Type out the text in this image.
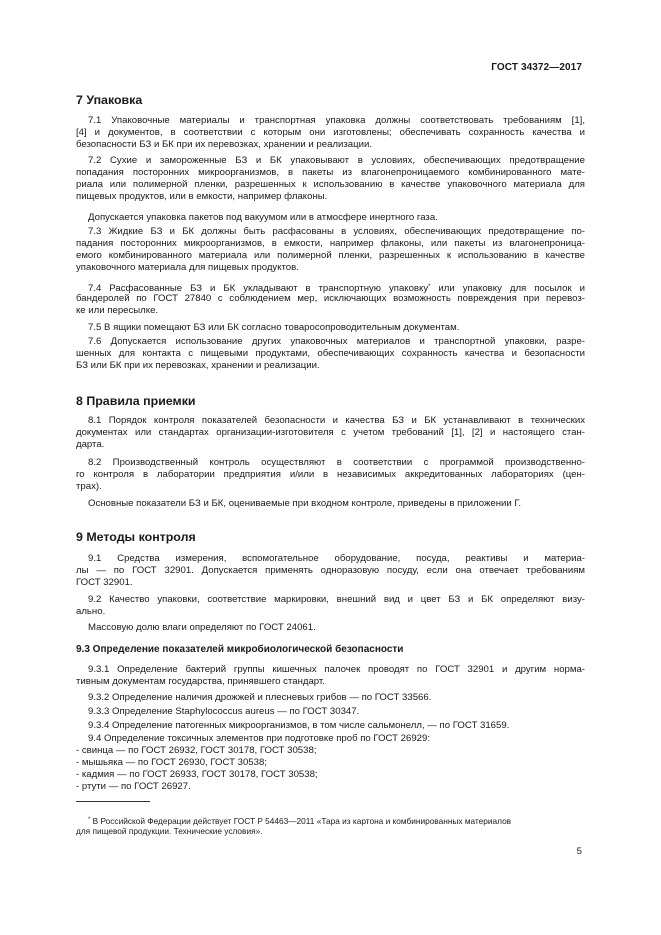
ГОСТ 34372—2017
7 Упаковка
7.1 Упаковочные материалы и транспортная упаковка должны соответствовать требованиям [1],
[4] и документов, в соответствии с которым они изготовлены; обеспечивать сохранность качества и
безопасности БЗ и БК при их перевозках, хранении и реализации.
7.2 Сухие и замороженные БЗ и БК упаковывают в условиях, обеспечивающих предотвращение
попадания посторонних микроорганизмов, в пакеты из влагонепроницаемого комбинированного мате-
риала или полимерной пленки, разрешенных к использованию в качестве упаковочного материала для
пищевых продуктов, или в емкости, например флаконы.
Допускается упаковка пакетов под вакуумом или в атмосфере инертного газа.
7.3 Жидкие БЗ и БК должны быть расфасованы в условиях, обеспечивающих предотвращение по-
падания посторонних микроорганизмов, в емкости, например флаконы, или пакеты из влагонепроница-
емого комбинированного материала или полимерной пленки, разрешенных к использованию в качестве
упаковочного материала для пищевых продуктов.
7.4 Расфасованные БЗ и БК укладывают в транспортную упаковку* или упаковку для посылок и
бандеролей по ГОСТ 27840 с соблюдением мер, исключающих возможность повреждения при перевоз-
ке или пересылке.
7.5 В ящики помещают БЗ или БК согласно товаросопроводительным документам.
7.6 Допускается использование других упаковочных материалов и транспортной упаковки, разре-
шенных для контакта с пищевыми продуктами, обеспечивающих сохранность качества и безопасности
БЗ или БК при их перевозках, хранении и реализации.
8 Правила приемки
8.1 Порядок контроля показателей безопасности и качества БЗ и БК устанавливают в технических
документах или стандартах организации-изготовителя с учетом требований [1], [2] и настоящего стан-
дарта.
8.2 Производственный контроль осуществляют в соответствии с программой производственно-
го контроля в лаборатории предприятия и/или в независимых аккредитованных лабораториях (цен-
трах).
Основные показатели БЗ и БК, оцениваемые при входном контроле, приведены в приложении Г.
9 Методы контроля
9.1 Средства измерения, вспомогательное оборудование, посуда, реактивы и материа-
лы — по ГОСТ 32901. Допускается применять одноразовую посуду, если она отвечает требованиям
ГОСТ 32901.
9.2 Качество упаковки, соответствие маркировки, внешний вид и цвет БЗ и БК определяют визу-
ально.
Массовую долю влаги определяют по ГОСТ 24061.
9.3 Определение показателей микробиологической безопасности
9.3.1 Определение бактерий группы кишечных палочек проводят по ГОСТ 32901 и другим норма-
тивным документам государства, принявшего стандарт.
9.3.2 Определение наличия дрожжей и плесневых грибов — по ГОСТ 33566.
9.3.3 Определение Staphylococcus aureus — по ГОСТ 30347.
9.3.4 Определение патогенных микроорганизмов, в том числе сальмонелл, — по ГОСТ 31659.
9.4 Определение токсичных элементов при подготовке проб по ГОСТ 26929:
- свинца — по ГОСТ 26932, ГОСТ 30178, ГОСТ 30538;
- мышьяка — по ГОСТ 26930, ГОСТ 30538;
- кадмия — по ГОСТ 26933, ГОСТ 30178, ГОСТ 30538;
- ртути — по ГОСТ 26927.
* В Российской Федерации действует ГОСТ Р 54463—2011 «Тара из картона и комбинированных материалов
для пищевой продукции. Технические условия».
5
